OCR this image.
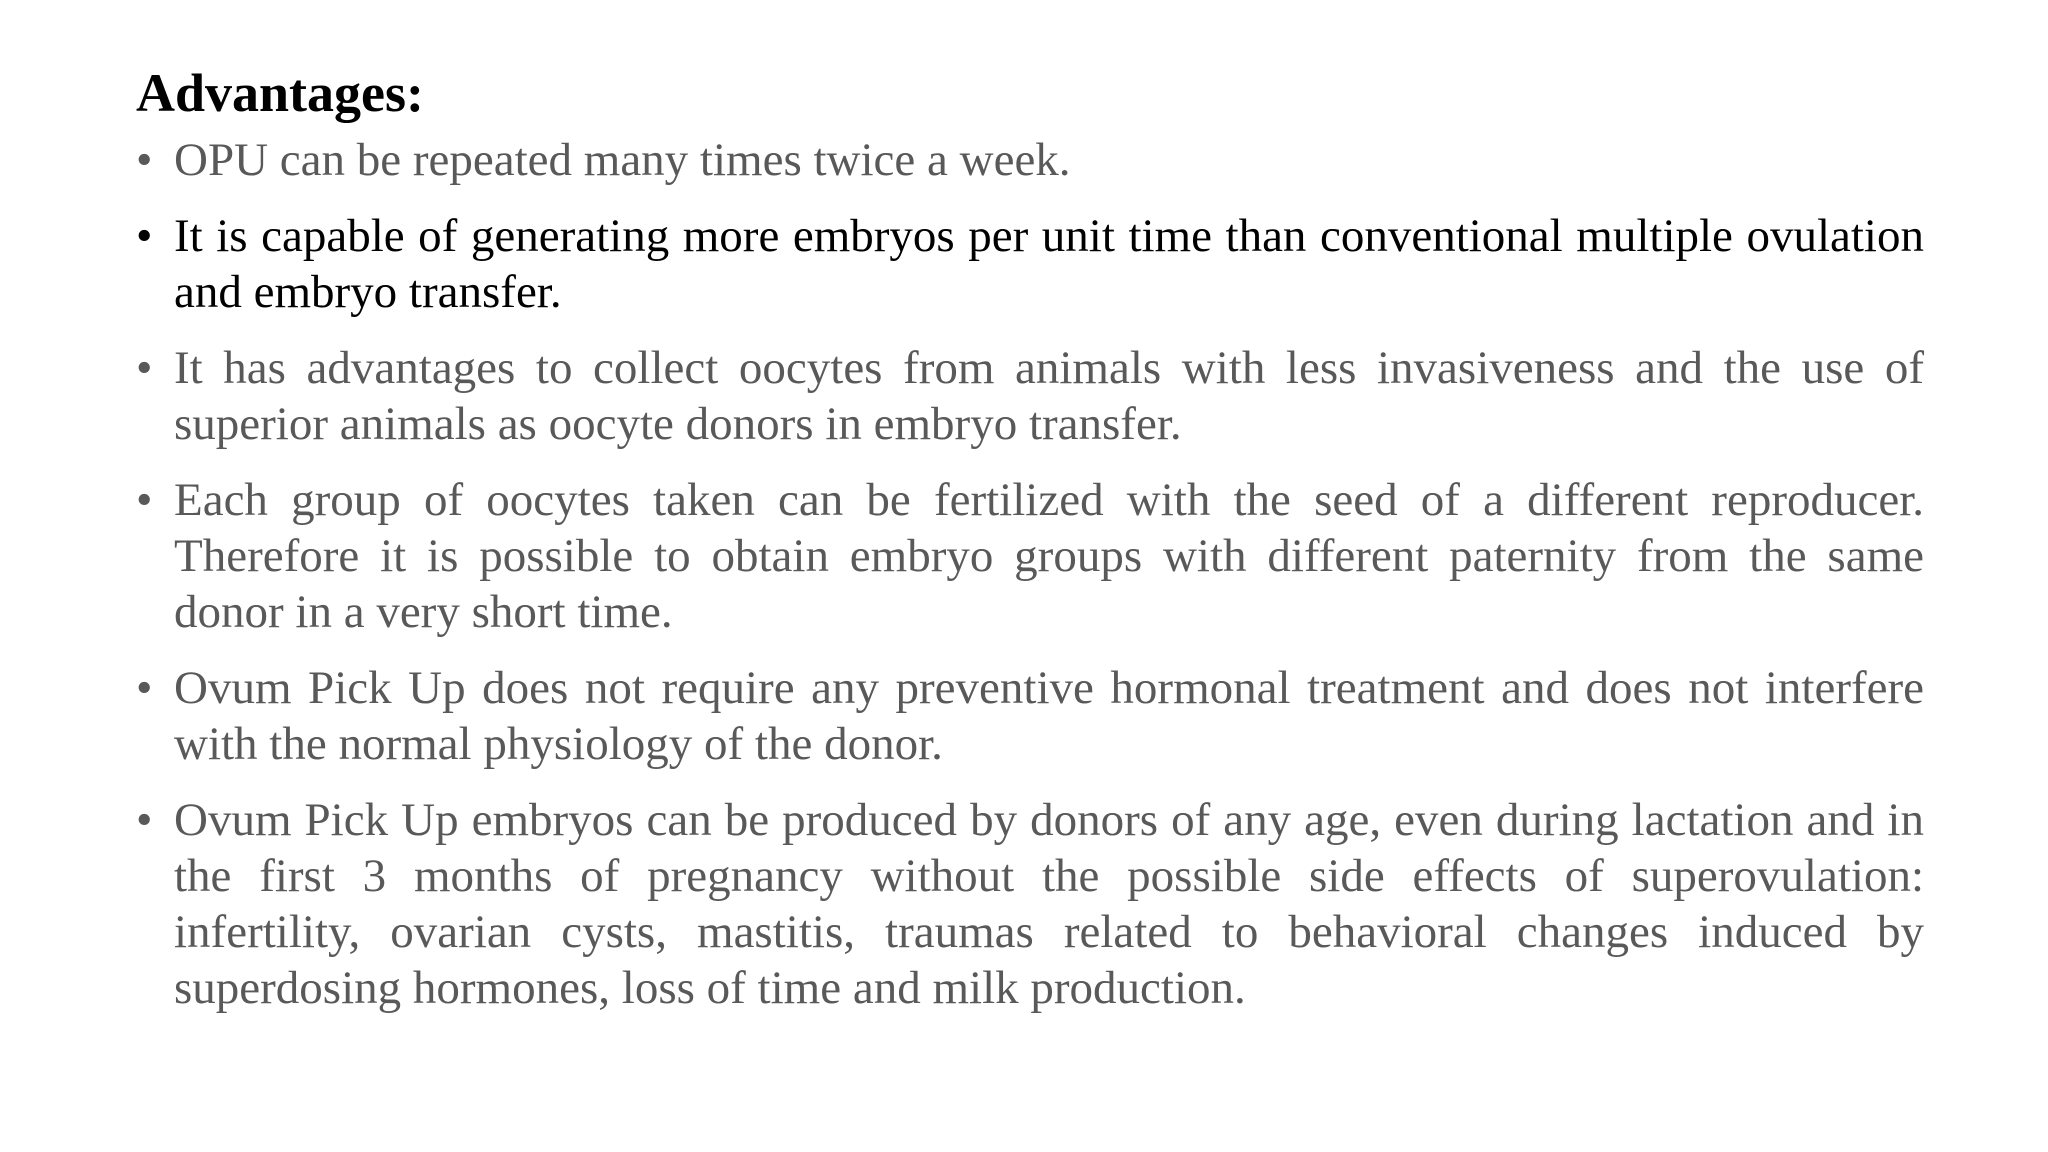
Advantages:
• OPU can be repeated many times twice a week.
• It is capable of generating more embryos per unit time than conventional multiple ovulation and embryo transfer.
• It has advantages to collect oocytes from animals with less invasiveness and the use of superior animals as oocyte donors in embryo transfer.
• Each group of oocytes taken can be fertilized with the seed of a different reproducer. Therefore it is possible to obtain embryo groups with different paternity from the same donor in a very short time.
• Ovum Pick Up does not require any preventive hormonal treatment and does not interfere with the normal physiology of the donor.
• Ovum Pick Up embryos can be produced by donors of any age, even during lactation and in the first 3 months of pregnancy without the possible side effects of superovulation: infertility, ovarian cysts, mastitis, traumas related to behavioral changes induced by superdosing hormones, loss of time and milk production.
